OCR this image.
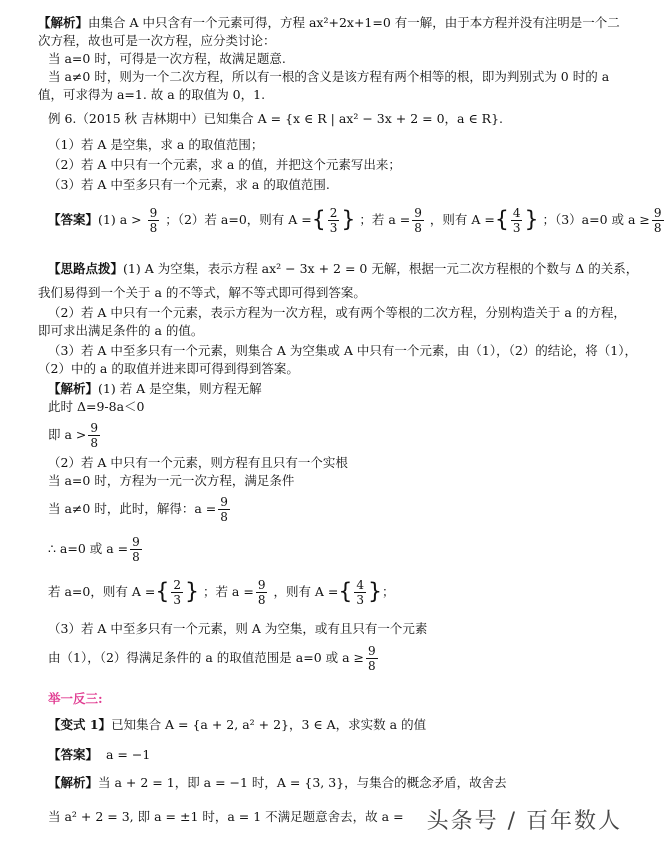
【解析】由集合 A 中只含有一个元素可得，方程 ax²+2x+1=0 有一解，由于本方程并没有注明是一个二
次方程，故也可是一次方程，应分类讨论：
当 a=0 时，可得是一次方程，故满足题意.
当 a≠0 时，则为一个二次方程，所以有一根的含义是该方程有两个相等的根，即为判别式为 0 时的 a
值，可求得为 a=1. 故 a 的取值为 0，1.
例 6.（2015 秋 吉林期中）已知集合 A = {x ∈ R | ax² − 3x + 2 = 0，a ∈ R}.
（1）若 A 是空集，求 a 的取值范围；
（2）若 A 中只有一个元素，求 a 的值，并把这个元素写出来；
（3）若 A 中至多只有一个元素，求 a 的取值范围.
【答案】(1) $a > \frac{9}{8}$ ；（2）若 a=0，则有 A ={ $\frac{2}{3}$ } ；若 $a = \frac{9}{8}$ ，则有 A ={ $\frac{4}{3}$ } ；（3）a=0 或 $a \ge \frac{9}{8}$
【思路点拨】(1) A 为空集，表示方程 ax² − 3x + 2 = 0 无解，根据一元二次方程根的个数与 Δ 的关系，
我们易得到一个关于 a 的不等式，解不等式即可得到答案。
（2）若 A 中只有一个元素，表示方程为一次方程，或有两个等根的二次方程，分别构造关于 a 的方程，
即可求出满足条件的 a 的值。
（3）若 A 中至多只有一个元素，则集合 A 为空集或 A 中只有一个元素，由（1），（2）的结论，将（1），
（2）中的 a 的取值并进来即可得到得到答案。
【解析】(1) 若 A 是空集，则方程无解
此时 Δ=9-8a＜0
即 $a > \frac{9}{8}$
（2）若 A 中只有一个元素，则方程有且只有一个实根
当 a=0 时，方程为一元一次方程，满足条件
当 a≠0 时，此时，解得：$a = \frac{9}{8}$
∴ a=0 或 $a = \frac{9}{8}$
若 a=0，则有 A ={ $\frac{2}{3}$ } ；若 $a = \frac{9}{8}$ ，则有 A ={ $\frac{4}{3}$ }；
（3）若 A 中至多只有一个元素，则 A 为空集，或有且只有一个元素
由（1），（2）得满足条件的 a 的取值范围是 a=0 或 $a \ge \frac{9}{8}$
举一反三:
【变式 1】已知集合 A = {a + 2, a² + 2}，3 ∈ A，求实数 a 的值
【答案】 a = −1
【解析】当 a + 2 = 1，即 a = −1 时，A = {3, 3}，与集合的概念矛盾，故舍去
当 a² + 2 = 3, 即 a = ±1 时，a = 1 不满足题意舍去，故 a = 头条号 / 百年数人
